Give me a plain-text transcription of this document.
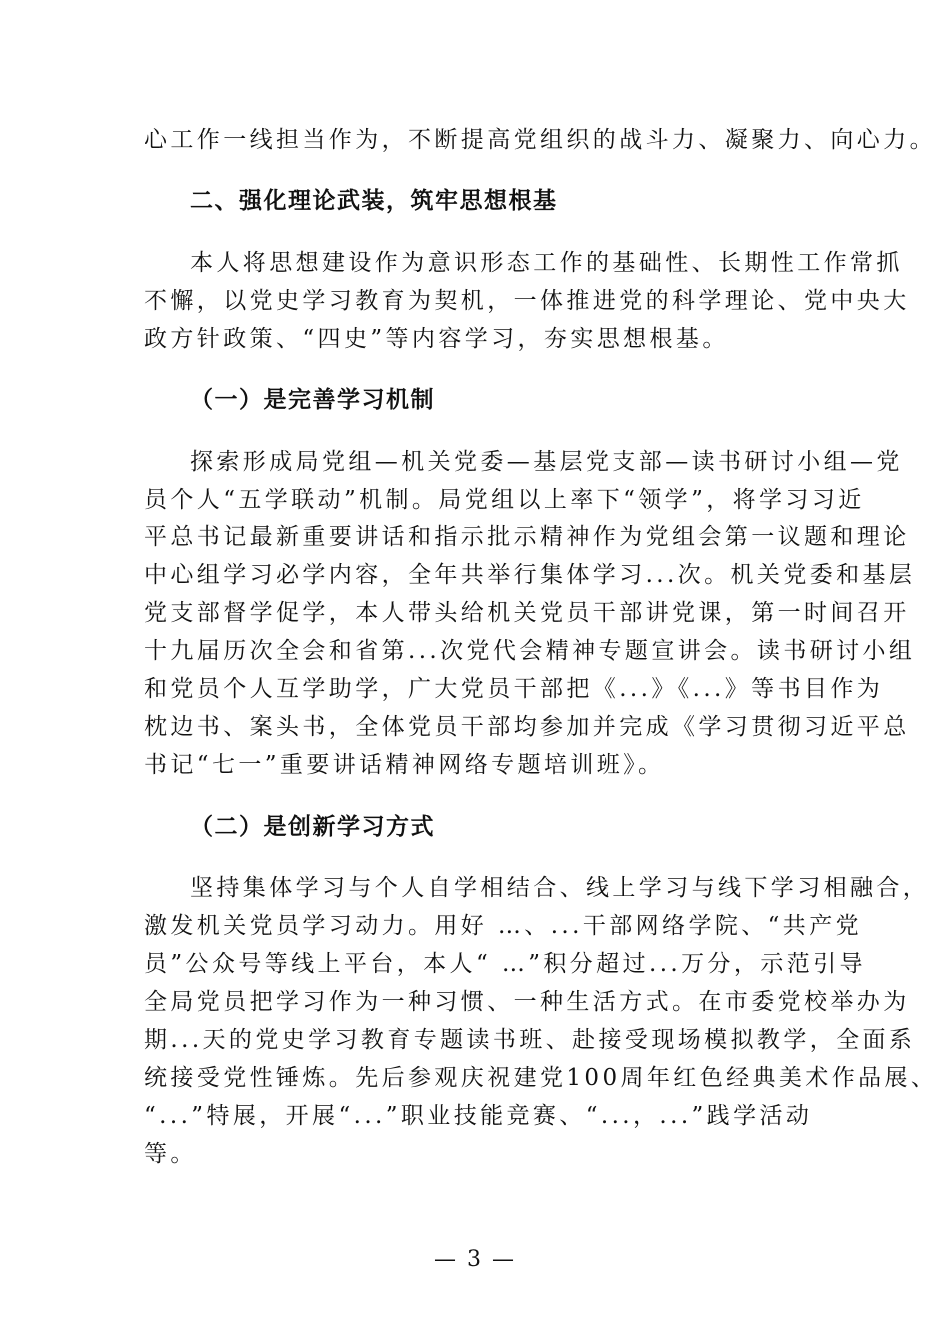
心工作一线担当作为，不断提高党组织的战斗力、凝聚力、向心力。
二、强化理论武装，筑牢思想根基
本人将思想建设作为意识形态工作的基础性、长期性工作常抓
不懈，以党史学习教育为契机，一体推进党的科学理论、党中央大
政方针政策、“四史”等内容学习，夯实思想根基。
（一）是完善学习机制
探索形成局党组—机关党委—基层党支部—读书研讨小组—党
员个人“五学联动”机制。局党组以上率下“领学”，将学习习近
平总书记最新重要讲话和指示批示精神作为党组会第一议题和理论
中心组学习必学内容，全年共举行集体学习...次。机关党委和基层
党支部督学促学，本人带头给机关党员干部讲党课，第一时间召开
十九届历次全会和省第...次党代会精神专题宣讲会。读书研讨小组
和党员个人互学助学，广大党员干部把《...》《...》等书目作为
枕边书、案头书，全体党员干部均参加并完成《学习贯彻习近平总
书记“七一”重要讲话精神网络专题培训班》。
（二）是创新学习方式
坚持集体学习与个人自学相结合、线上学习与线下学习相融合，
激发机关党员学习动力。用好 …、...干部网络学院、“共产党
员”公众号等线上平台，本人“ …”积分超过...万分，示范引导
全局党员把学习作为一种习惯、一种生活方式。在市委党校举办为
期...天的党史学习教育专题读书班、赴接受现场模拟教学，全面系
统接受党性锤炼。先后参观庆祝建党100周年红色经典美术作品展、
“...”特展，开展“...”职业技能竞赛、“...，...”践学活动
等。
— 3 —
